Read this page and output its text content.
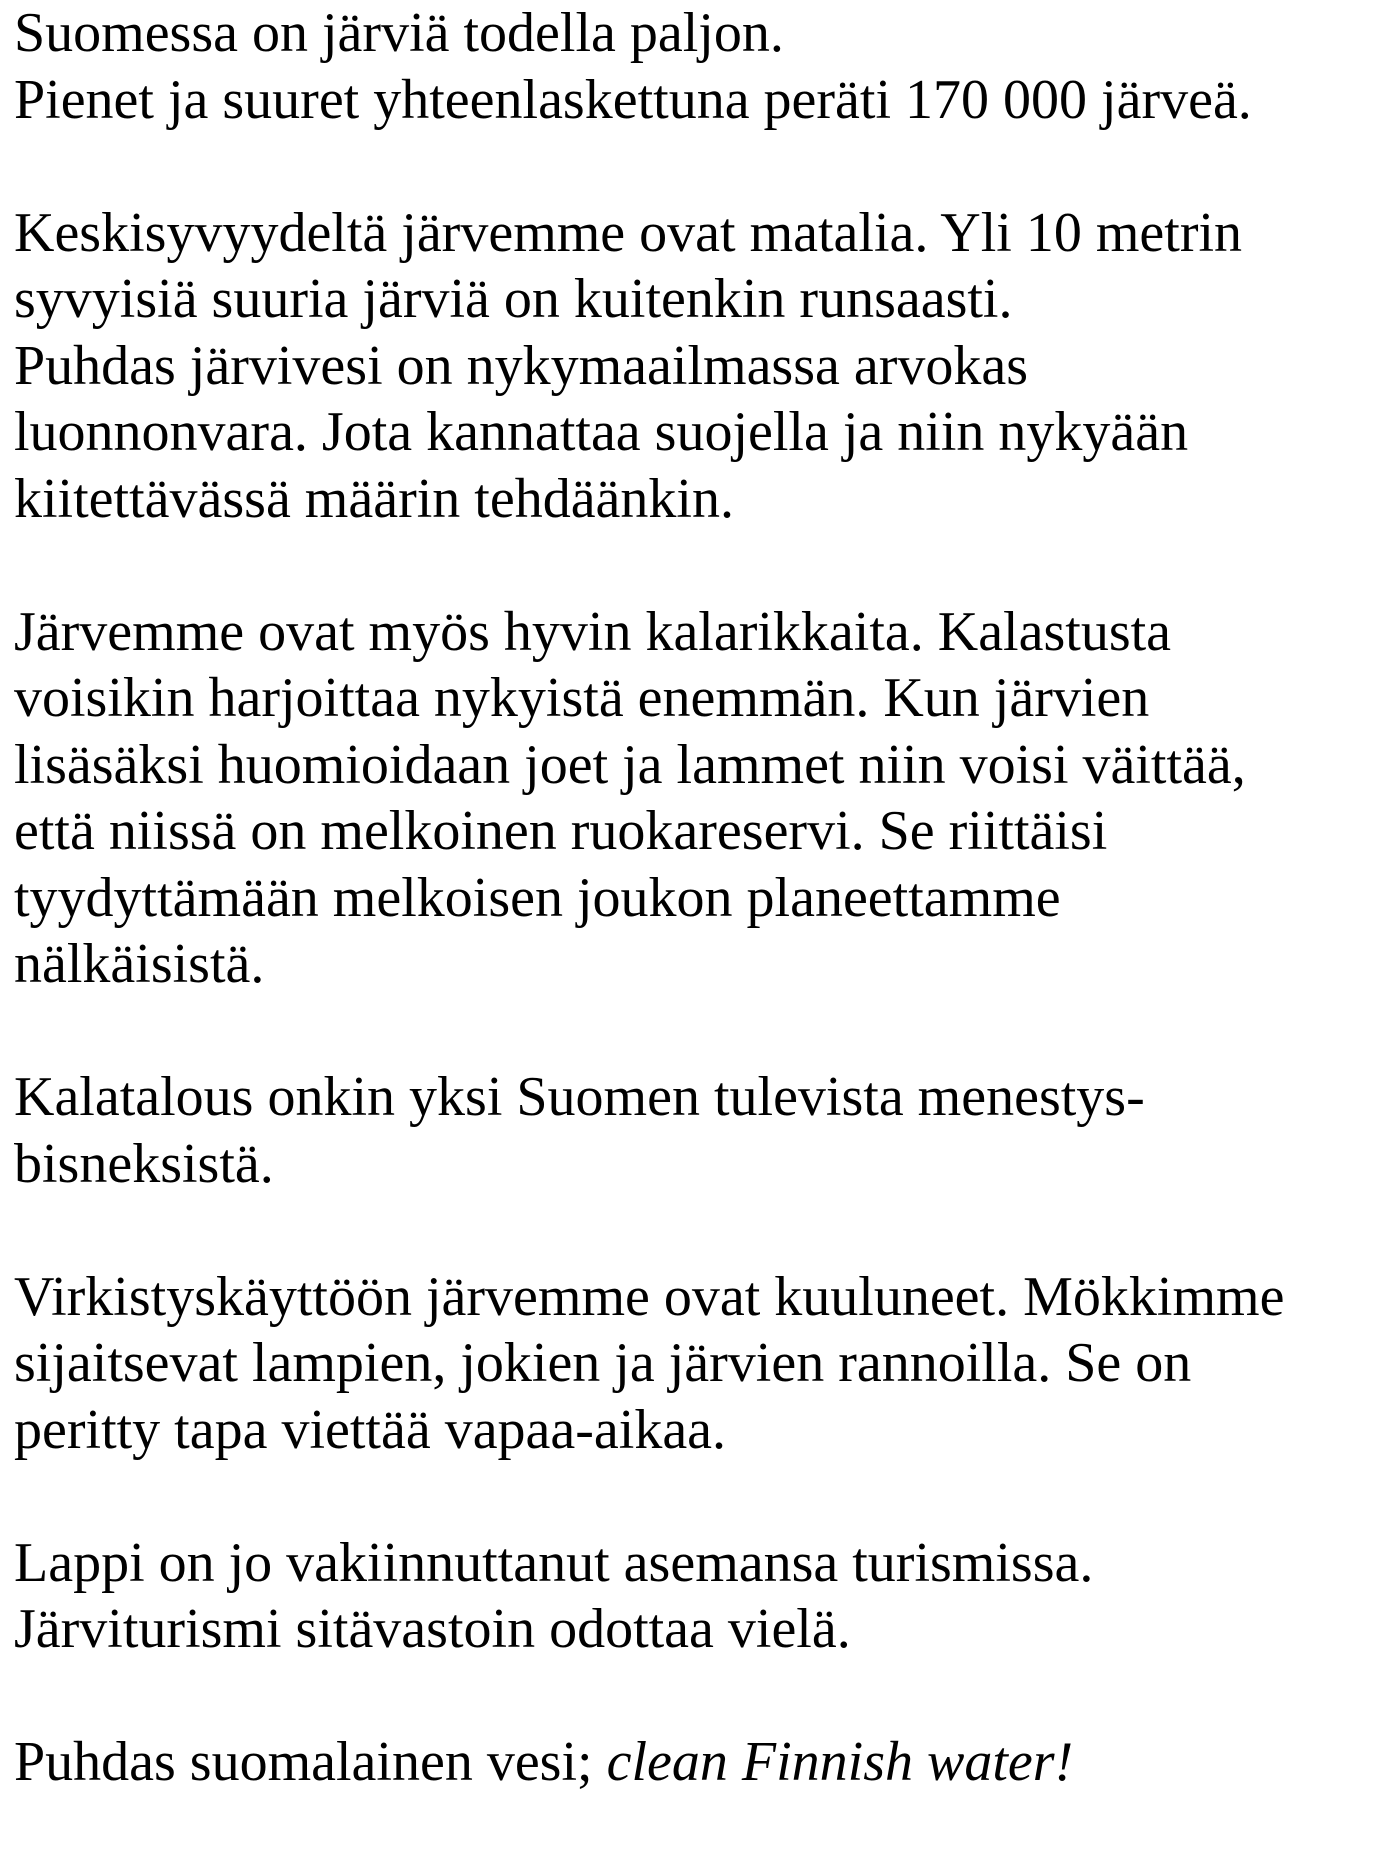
Suomessa on järviä todella paljon.
Pienet ja suuret yhteenlaskettuna peräti 170 000 järveä.

Keskisyvyydeltä järvemme ovat matalia. Yli 10 metrin
syvyisiä suuria järviä on kuitenkin runsaasti.
Puhdas järvivesi on nykymaailmassa arvokas
luonnonvara. Jota kannattaa suojella ja niin nykyään
kiitettävässä määrin tehdäänkin.

Järvemme ovat myös hyvin kalarikkaita. Kalastusta
voisikin harjoittaa nykyistä enemmän. Kun järvien
lisäsäksi huomioidaan joet ja lammet niin voisi väittää,
että niissä on melkoinen ruokareservi. Se riittäisi
tyydyttämään melkoisen joukon planeettamme
nälkäisistä.

Kalatalous onkin yksi Suomen tulevista menestys-
bisneksistä.

Virkistyskäyttöön järvemme ovat kuuluneet. Mökkimme
sijaitsevat lampien, jokien ja järvien rannoilla. Se on
peritty tapa viettää vapaa-aikaa.

Lappi on jo vakiinnuttanut asemansa turismissa.
Järviturismi sitävastoin odottaa vielä.

Puhdas suomalainen vesi; clean Finnish water!
